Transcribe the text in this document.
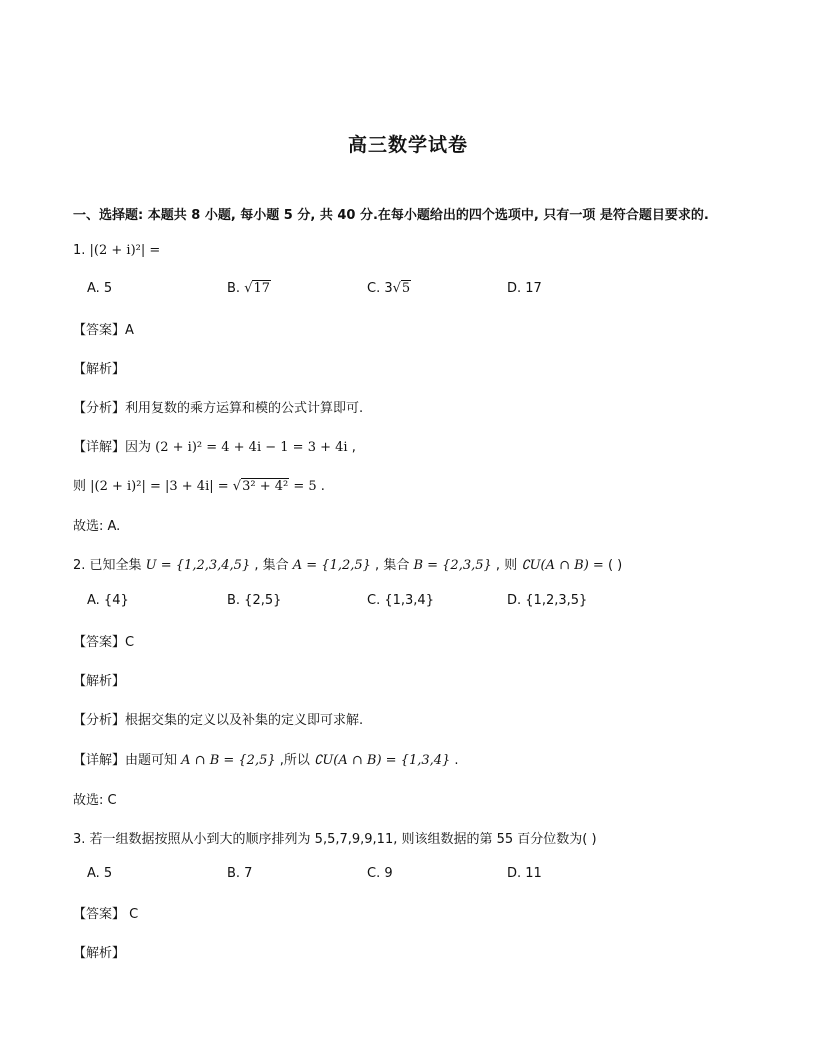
高三数学试卷
一、选择题: 本题共 8 小题, 每小题 5 分, 共 40 分.在每小题给出的四个选项中, 只有一项 是符合题目要求的.
1. |(2 + i)²| =
A. 5	B. √17	C. 3√5	D. 17
【答案】A
【解析】
【分析】利用复数的乘方运算和模的公式计算即可.
【详解】因为 (2 + i)² = 4 + 4i − 1 = 3 + 4i ,
则 |(2 + i)²| = |3 + 4i| = √3² + 4² = 5 .
故选: A.
2. 已知全集 U = {1,2,3,4,5} , 集合 A = {1,2,5} , 集合 B = {2,3,5} , 则 ∁U(A ∩ B) = ( )
A. {4}	B. {2,5}	C. {1,3,4}	D. {1,2,3,5}
【答案】C
【解析】
【分析】根据交集的定义以及补集的定义即可求解.
【详解】由题可知 A ∩ B = {2,5} ,所以 ∁U(A ∩ B) = {1,3,4} .
故选: C
3. 若一组数据按照从小到大的顺序排列为 5,5,7,9,9,11, 则该组数据的第 55 百分位数为( )
A. 5	B. 7	C. 9	D. 11
【答案】 C
【解析】
